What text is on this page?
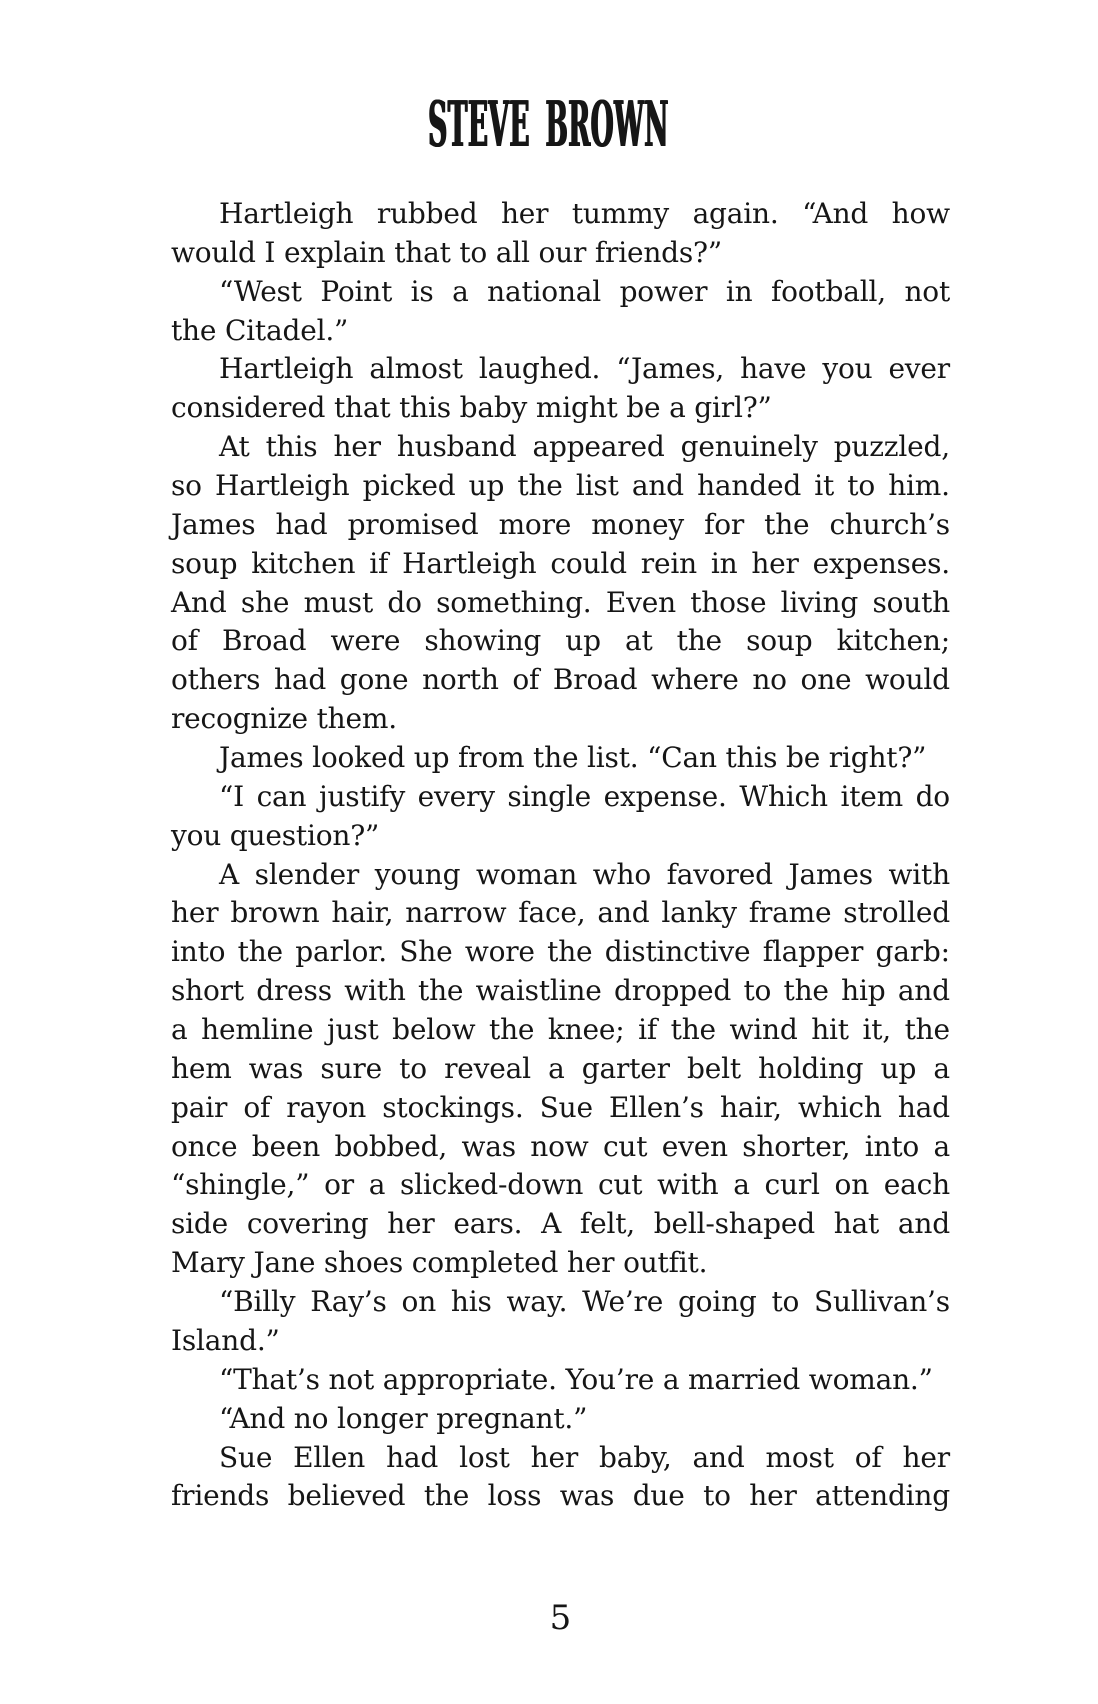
STEVE BROWN
Hartleigh rubbed her tummy again. “And how
would I explain that to all our friends?”
“West Point is a national power in football, not
the Citadel.”
Hartleigh almost laughed. “James, have you ever
considered that this baby might be a girl?”
At this her husband appeared genuinely puzzled,
so Hartleigh picked up the list and handed it to him.
James had promised more money for the church’s
soup kitchen if Hartleigh could rein in her expenses.
And she must do something. Even those living south
of Broad were showing up at the soup kitchen;
others had gone north of Broad where no one would
recognize them.
James looked up from the list. “Can this be right?”
“I can justify every single expense. Which item do
you question?”
A slender young woman who favored James with
her brown hair, narrow face, and lanky frame strolled
into the parlor. She wore the distinctive flapper garb:
short dress with the waistline dropped to the hip and
a hemline just below the knee; if the wind hit it, the
hem was sure to reveal a garter belt holding up a
pair of rayon stockings. Sue Ellen’s hair, which had
once been bobbed, was now cut even shorter, into a
“shingle,” or a slicked-down cut with a curl on each
side covering her ears. A felt, bell-shaped hat and
Mary Jane shoes completed her outfit.
“Billy Ray’s on his way. We’re going to Sullivan’s
Island.”
“That’s not appropriate. You’re a married woman.”
“And no longer pregnant.”
Sue Ellen had lost her baby, and most of her
friends believed the loss was due to her attending
5
